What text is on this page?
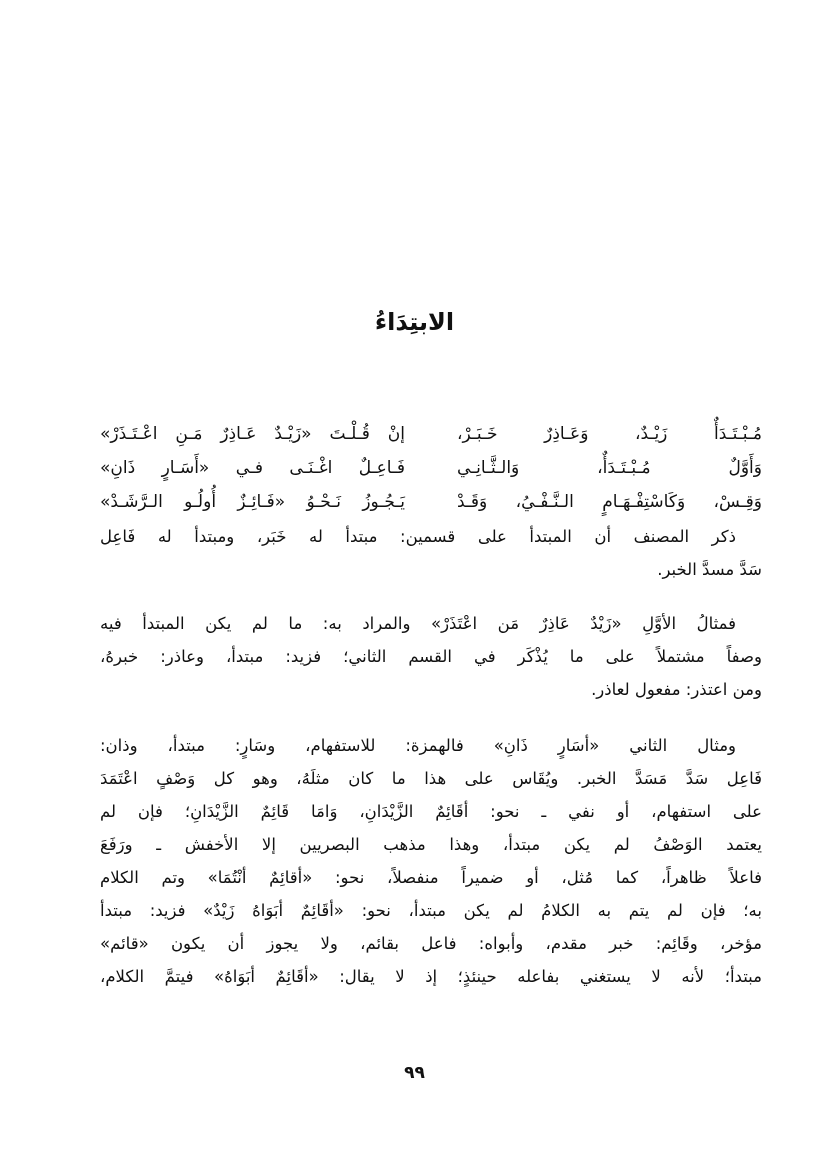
الابتِدَاءُ
مُـبْـتَـدَأٌ زَيْـدٌ، وَعَـاذِرٌ خَـبَـرْ،
إنْ قُـلْـتَ «زَيْـدٌ عَـاذِرٌ مَـنِ اعْـتَـذَرْ»
وَأَوَّلٌ مُـبْـتَـدَأٌ، وَالـثَّـانِـي
فَـاعِـلٌ اغْـنَـى فـي «أَسَـارٍ ذَانِ»
وَقِـسْ، وَكَاسْتِفْـهَـامٍ الـنَّـفْـيُ، وَقَـدْ
يَـجُـوزُ نَـحْـوُ «فَـائِـزٌ أُولُـو الـرَّشَـدْ»
ذكر المصنف أن المبتدأ على قسمين: مبتدأ له خَبَر، ومبتدأ له فَاعِل
سَدَّ مسدَّ الخبر.
فمثالُ الأوَّلِ «زَيْدٌ عَاذِرٌ مَن اعْتَذَرْ» والمراد به: ما لم يكن المبتدأ فيه
وصفاً مشتملاً على ما يُذْكَر في القسم الثاني؛ فزيد: مبتدأ، وعاذر: خبرهُ،
ومن اعتذر: مفعول لعاذر.
ومثال الثاني «أسَارٍ ذَانِ» فالهمزة: للاستفهام، وسَارٍ: مبتدأ، وذان:
فَاعِل سَدَّ مَسَدَّ الخبر. ويُقَاس على هذا ما كان مثلَهُ، وهو كل وَصْفٍ اعْتَمَدَ
على استفهام، أو نفي ـ نحو: أقَائِمٌ الزَّيْدَانِ، وَامَا قَائِمٌ الزَّيْدَانِ؛ فإن لم
يعتمد الوَصْفُ لم يكن مبتدأ، وهذا مذهب البصريين إلا الأخفش ـ ورَفَعَ
فاعلاً ظاهراً، كما مُثل، أو ضميراً منفصلاً، نحو: «أقائِمٌ أنْتُمَا» وتم الكلام
به؛ فإن لم يتم به الكلامُ لم يكن مبتدأ، نحو: «أقَائِمٌ أبَوَاهُ زَيْدٌ» فزيد: مبتدأ
مؤخر، وقَائِم: خبر مقدم، وأبواه: فاعل بقائم، ولا يجوز أن يكون «قائم»
مبتدأ؛ لأنه لا يستغني بفاعله حينئذٍ؛ إذ لا يقال: «أقَائِمٌ أبَوَاهُ» فيتمَّ الكلام،
٩٩
